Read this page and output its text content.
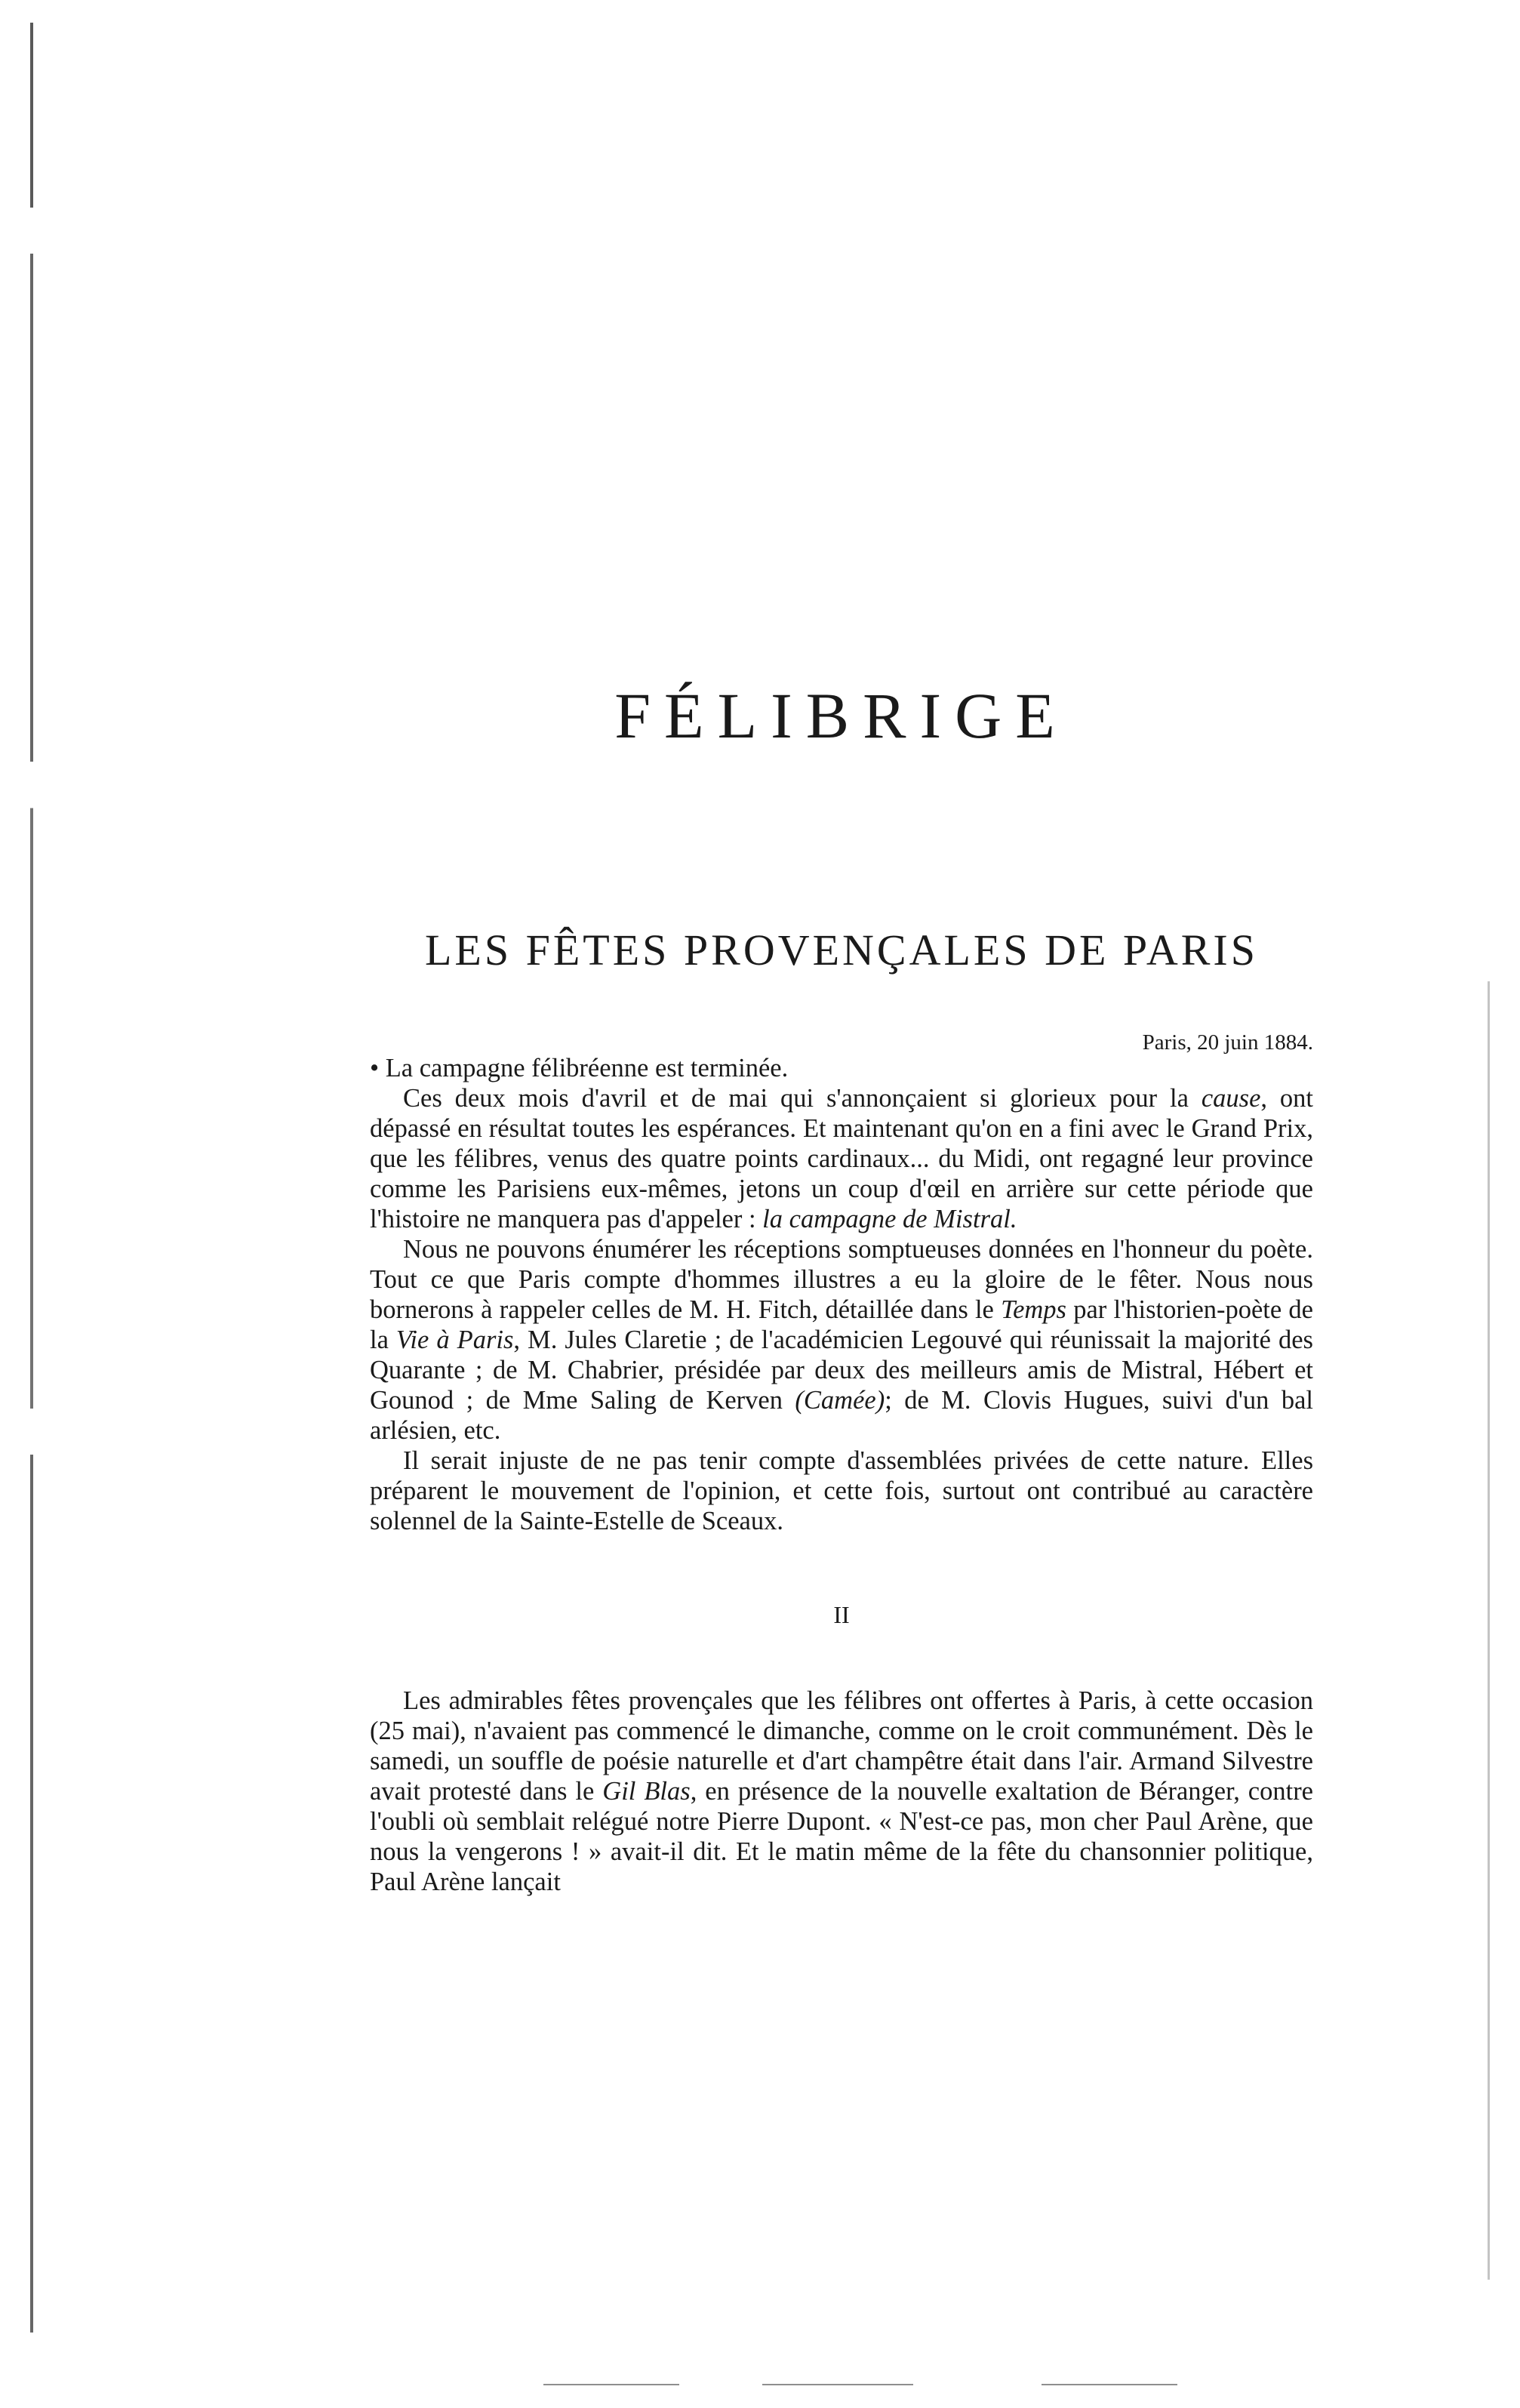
FÉLIBRIGE
LES FÊTES PROVENÇALES DE PARIS

Paris, 20 juin 1884.

• La campagne félibréenne est terminée.

Ces deux mois d'avril et de mai qui s'annonçaient si glorieux pour la cause, ont dépassé en résultat toutes les espérances. Et maintenant qu'on en a fini avec le Grand Prix, que les félibres, venus des quatre points cardinaux... du Midi, ont regagné leur province comme les Parisiens eux-mêmes, jetons un coup d'œil en arrière sur cette période que l'histoire ne manquera pas d'appeler : la campagne de Mistral.

Nous ne pouvons énumérer les réceptions somptueuses données en l'honneur du poète. Tout ce que Paris compte d'hommes illustres a eu la gloire de le fêter. Nous nous bornerons à rappeler celles de M. H. Fitch, détaillée dans le Temps par l'historien-poète de la Vie à Paris, M. Jules Claretie ; de l'académicien Legouvé qui réunissait la majorité des Quarante ; de M. Chabrier, présidée par deux des meilleurs amis de Mistral, Hébert et Gounod ; de Mme Saling de Kerven (Camée); de M. Clovis Hugues, suivi d'un bal arlésien, etc.

Il serait injuste de ne pas tenir compte d'assemblées privées de cette nature. Elles préparent le mouvement de l'opinion, et cette fois, surtout ont contribué au caractère solennel de la Sainte-Estelle de Sceaux.

II

Les admirables fêtes provençales que les félibres ont offertes à Paris, à cette occasion (25 mai), n'avaient pas commencé le dimanche, comme on le croit communément. Dès le samedi, un souffle de poésie naturelle et d'art champêtre était dans l'air. Armand Silvestre avait protesté dans le Gil Blas, en présence de la nouvelle exaltation de Béranger, contre l'oubli où semblait relégué notre Pierre Dupont. « N'est-ce pas, mon cher Paul Arène, que nous la vengerons ! » avait-il dit. Et le matin même de la fête du chansonnier politique, Paul Arène lançait
